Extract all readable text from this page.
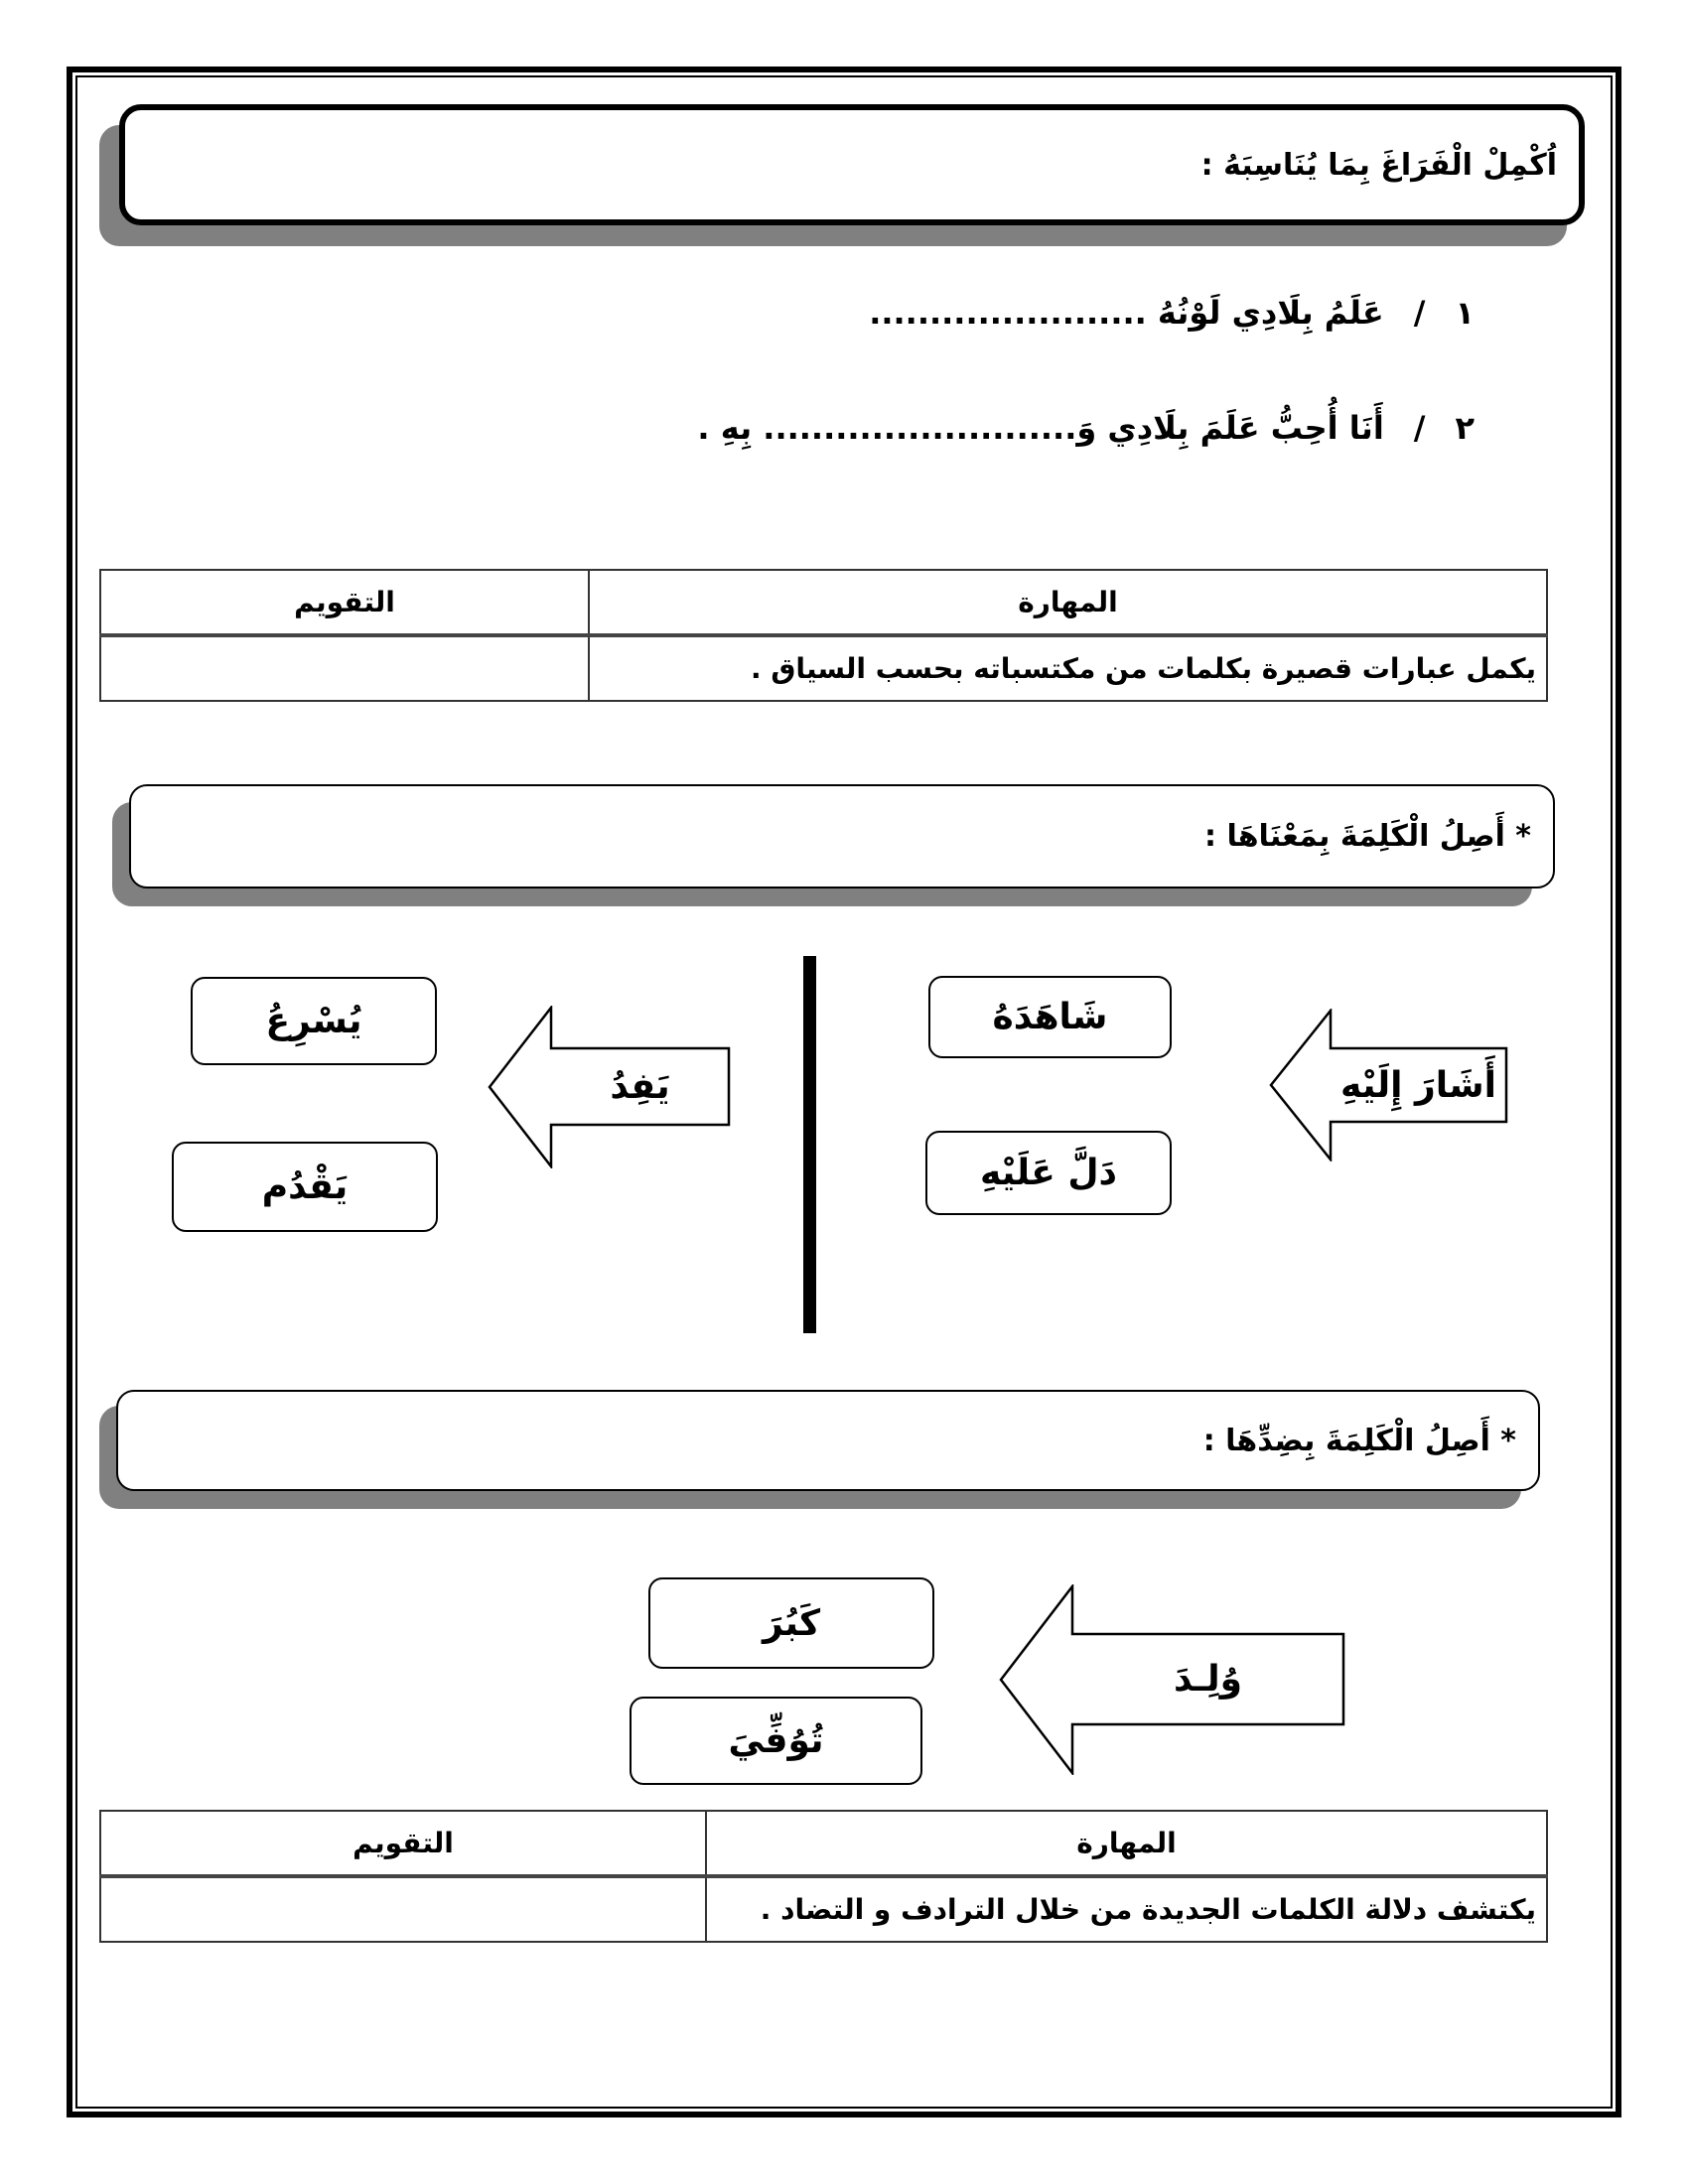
اُكْمِلْ الْفَرَاغَ بِمَا يُنَاسِبَهُ :
١/عَلَمُ بِلَادِي لَوْنُهُ .......................
٢/أَنَا أُحِبُّ عَلَمَ بِلَادِي وَ.......................... بِهِ .
المهارة	التقويم
يكمل عبارات قصيرة بكلمات من مكتسباته بحسب السياق .	
* أَصِلُ الْكَلِمَةَ بِمَعْنَاهَا :
أَشَارَ إِلَيْهِ
شَاهَدَهُ
دَلَّ عَلَيْهِ
يَفِدُ
يُسْرِعُ
يَقْدُم
* أَصِلُ الْكَلِمَةَ بِضِدِّهَا :
وُلِـدَ
كَبُرَ
تُوُفِّيَ
المهارة	التقويم
يكتشف دلالة الكلمات الجديدة من خلال الترادف و التضاد .	
